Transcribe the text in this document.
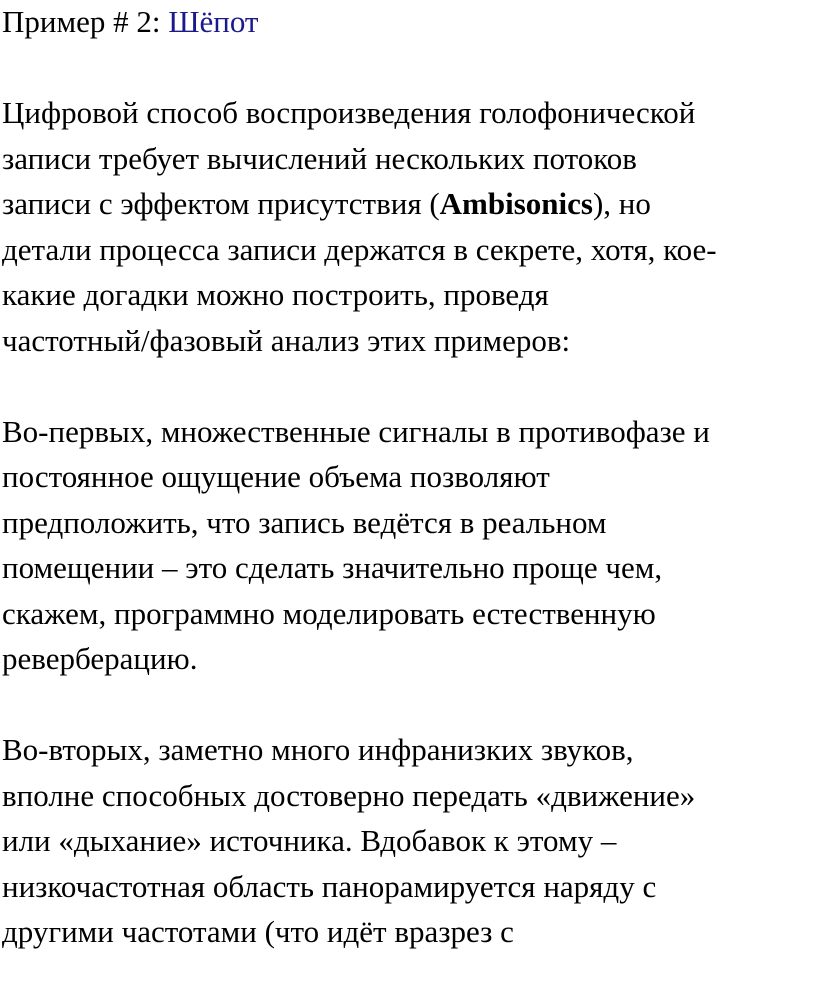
Пример # 2: Шёпот
Цифровой способ воспроизведения голофонической
записи требует вычислений нескольких потоков
записи с эффектом присутствия (Ambisonics), но
детали процесса записи держатся в секрете, хотя, кое-
какие догадки можно построить, проведя
частотный/фазовый анализ этих примеров:
Во-первых, множественные сигналы в противофазе и
постоянное ощущение объема позволяют
предположить, что запись ведётся в реальном
помещении – это сделать значительно проще чем,
скажем, программно моделировать естественную
реверберацию.
Во-вторых, заметно много инфранизких звуков,
вполне способных достоверно передать «движение»
или «дыхание» источника. Вдобавок к этому –
низкочастотная область панорамируется наряду с
другими частотами (что идёт вразрез с
